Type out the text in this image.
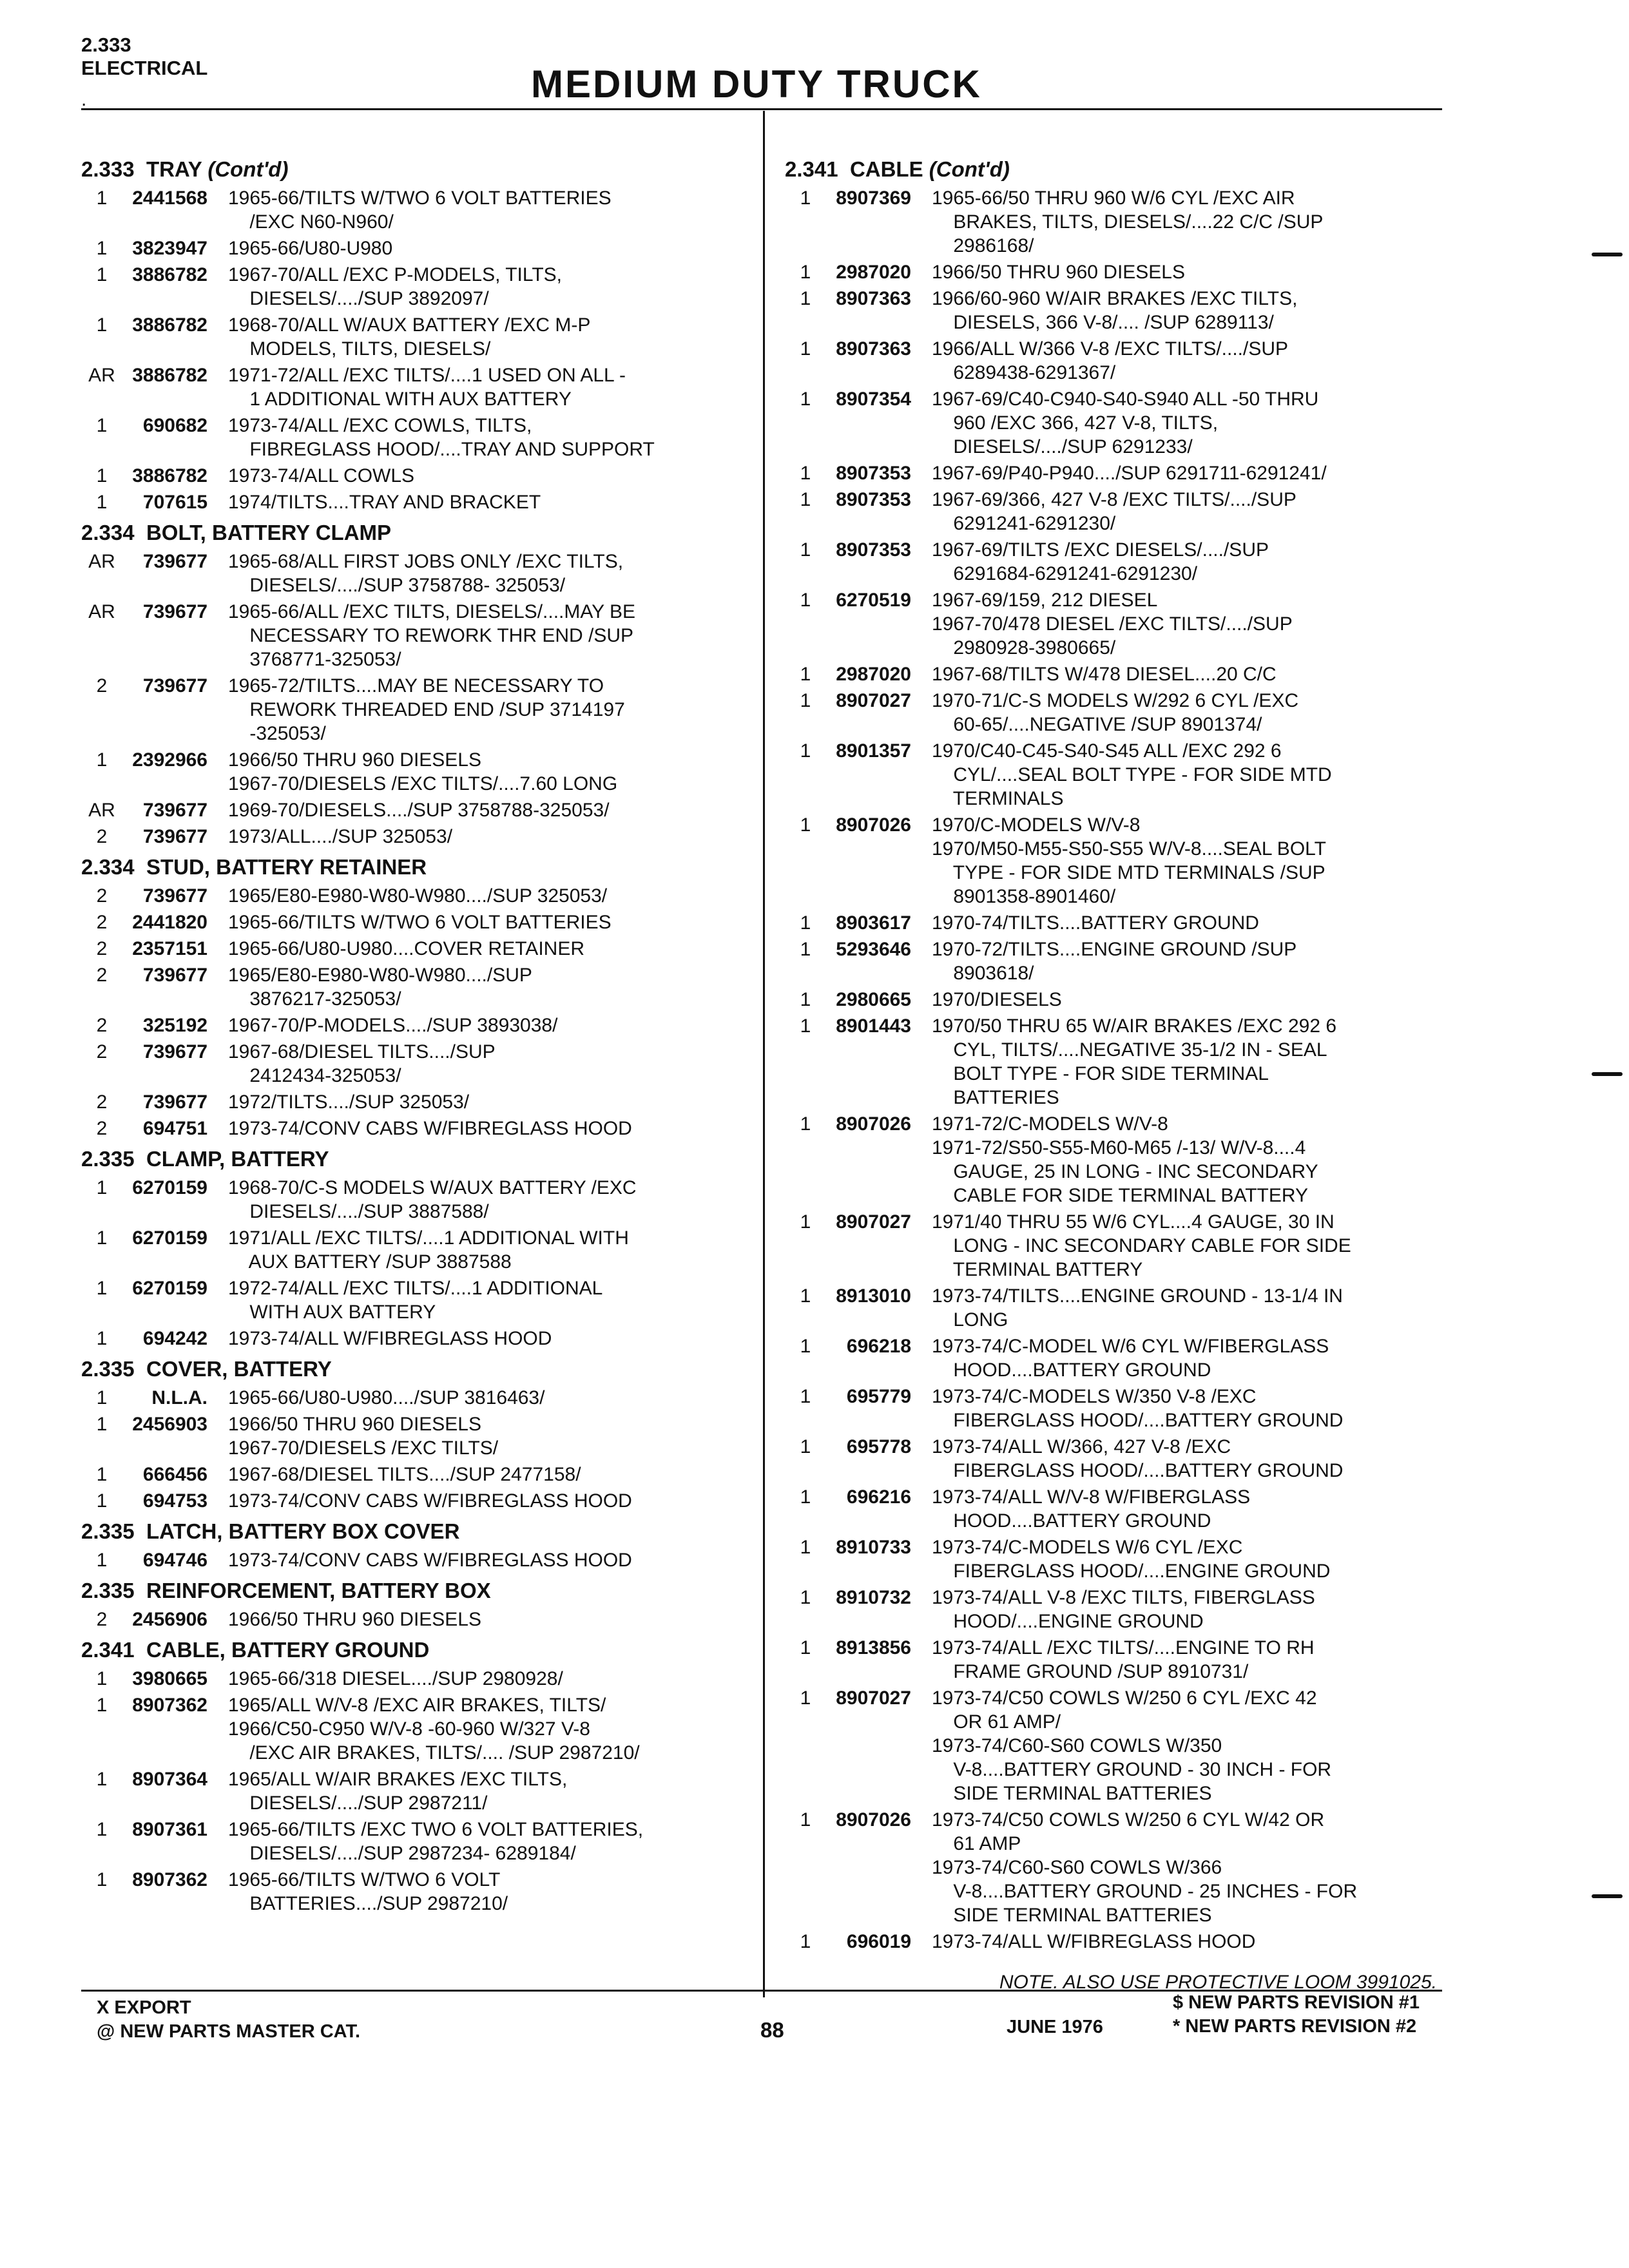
2.333
ELECTRICAL
.	MEDIUM DUTY TRUCK
2.333 TRAY (Cont'd)
1	2441568	1965-66/TILTS W/TWO 6 VOLT BATTERIES
/EXC N60-N960/
1	3823947	1965-66/U80-U980
1	3886782	1967-70/ALL /EXC P-MODELS, TILTS,
DIESELS/..../SUP 3892097/
1	3886782	1968-70/ALL W/AUX BATTERY /EXC M-P
MODELS, TILTS, DIESELS/
AR 3886782	1971-72/ALL /EXC TILTS/....1 USED ON ALL -
1 ADDITIONAL WITH AUX BATTERY
1	690682	1973-74/ALL /EXC COWLS, TILTS,
FIBREGLASS HOOD/....TRAY AND SUPPORT
1	3886782	1973-74/ALL COWLS
1	707615	1974/TILTS....TRAY AND BRACKET
2.334 BOLT, BATTERY CLAMP
AR	739677	1965-68/ALL FIRST JOBS ONLY /EXC TILTS,
DIESELS/..../SUP 3758788- 325053/
AR	739677	1965-66/ALL /EXC TILTS, DIESELS/....MAY BE
NECESSARY TO REWORK THR END /SUP
3768771-325053/
2	739677	1965-72/TILTS....MAY BE NECESSARY TO
REWORK THREADED END /SUP 3714197
-325053/
1	2392966	1966/50 THRU 960 DIESELS
1967-70/DIESELS /EXC TILTS/....7.60 LONG
AR	739677	1969-70/DIESELS..../SUP 3758788-325053/
2	739677	1973/ALL..../SUP 325053/
2.334 STUD, BATTERY RETAINER
2	739677	1965/E80-E980-W80-W980..../SUP 325053/
2	2441820	1965-66/TILTS W/TWO 6 VOLT BATTERIES
2	2357151	1965-66/U80-U980....COVER RETAINER
2	739677	1965/E80-E980-W80-W980..../SUP
3876217-325053/
2	325192	1967-70/P-MODELS..../SUP 3893038/
2	739677	1967-68/DIESEL TILTS..../SUP
2412434-325053/
2	739677	1972/TILTS..../SUP 325053/
2	694751	1973-74/CONV CABS W/FIBREGLASS HOOD
2.335 CLAMP, BATTERY
1	6270159	1968-70/C-S MODELS W/AUX BATTERY /EXC
DIESELS/..../SUP 3887588/
1	6270159	1971/ALL /EXC TILTS/....1 ADDITIONAL WITH
AUX BATTERY /SUP 3887588
1	6270159	1972-74/ALL /EXC TILTS/....1 ADDITIONAL
WITH AUX BATTERY
1	694242	1973-74/ALL W/FIBREGLASS HOOD
2.335 COVER, BATTERY
1	N.L.A.	1965-66/U80-U980..../SUP 3816463/
1	2456903	1966/50 THRU 960 DIESELS
1967-70/DIESELS /EXC TILTS/
1	666456	1967-68/DIESEL TILTS..../SUP 2477158/
1	694753	1973-74/CONV CABS W/FIBREGLASS HOOD
2.335 LATCH, BATTERY BOX COVER
1	694746	1973-74/CONV CABS W/FIBREGLASS HOOD
2.335 REINFORCEMENT, BATTERY BOX
2	2456906	1966/50 THRU 960 DIESELS
2.341 CABLE, BATTERY GROUND
1	3980665	1965-66/318 DIESEL..../SUP 2980928/
1	8907362	1965/ALL W/V-8 /EXC AIR BRAKES, TILTS/
1966/C50-C950 W/V-8 -60-960 W/327 V-8
/EXC AIR BRAKES, TILTS/.... /SUP 2987210/
1	8907364	1965/ALL W/AIR BRAKES /EXC TILTS,
DIESELS/..../SUP 2987211/
1	8907361	1965-66/TILTS /EXC TWO 6 VOLT BATTERIES,
DIESELS/..../SUP 2987234- 6289184/
1	8907362	1965-66/TILTS W/TWO 6 VOLT
BATTERIES..../SUP 2987210/
2.341 CABLE (Cont'd)
1	8907369	1965-66/50 THRU 960 W/6 CYL /EXC AIR
BRAKES, TILTS, DIESELS/....22 C/C /SUP
2986168/
1	2987020	1966/50 THRU 960 DIESELS
1	8907363	1966/60-960 W/AIR BRAKES /EXC TILTS,
DIESELS, 366 V-8/.... /SUP 6289113/
1	8907363	1966/ALL W/366 V-8 /EXC TILTS/..../SUP
6289438-6291367/
1	8907354	1967-69/C40-C940-S40-S940 ALL -50 THRU
960 /EXC 366, 427 V-8, TILTS,
DIESELS/..../SUP 6291233/
1	8907353	1967-69/P40-P940..../SUP 6291711-6291241/
1	8907353	1967-69/366, 427 V-8 /EXC TILTS/..../SUP
6291241-6291230/
1	8907353	1967-69/TILTS /EXC DIESELS/..../SUP
6291684-6291241-6291230/
1	6270519	1967-69/159, 212 DIESEL
1967-70/478 DIESEL /EXC TILTS/..../SUP
2980928-3980665/
1	2987020	1967-68/TILTS W/478 DIESEL....20 C/C
1	8907027	1970-71/C-S MODELS W/292 6 CYL /EXC
60-65/....NEGATIVE /SUP 8901374/
1	8901357	1970/C40-C45-S40-S45 ALL /EXC 292 6
CYL/....SEAL BOLT TYPE - FOR SIDE MTD
TERMINALS
1	8907026	1970/C-MODELS W/V-8
1970/M50-M55-S50-S55 W/V-8....SEAL BOLT
TYPE - FOR SIDE MTD TERMINALS /SUP
8901358-8901460/
1	8903617	1970-74/TILTS....BATTERY GROUND
1	5293646	1970-72/TILTS....ENGINE GROUND /SUP
8903618/
1	2980665	1970/DIESELS
1	8901443	1970/50 THRU 65 W/AIR BRAKES /EXC 292 6
CYL, TILTS/....NEGATIVE 35-1/2 IN - SEAL
BOLT TYPE - FOR SIDE TERMINAL
BATTERIES
1	8907026	1971-72/C-MODELS W/V-8
1971-72/S50-S55-M60-M65 /-13/ W/V-8....4
GAUGE, 25 IN LONG - INC SECONDARY
CABLE FOR SIDE TERMINAL BATTERY
1	8907027	1971/40 THRU 55 W/6 CYL....4 GAUGE, 30 IN
LONG - INC SECONDARY CABLE FOR SIDE
TERMINAL BATTERY
1	8913010	1973-74/TILTS....ENGINE GROUND - 13-1/4 IN
LONG
1	696218	1973-74/C-MODEL W/6 CYL W/FIBERGLASS
HOOD....BATTERY GROUND
1	695779	1973-74/C-MODELS W/350 V-8 /EXC
FIBERGLASS HOOD/....BATTERY GROUND
1	695778	1973-74/ALL W/366, 427 V-8 /EXC
FIBERGLASS HOOD/....BATTERY GROUND
1	696216	1973-74/ALL W/V-8 W/FIBERGLASS
HOOD....BATTERY GROUND
1	8910733	1973-74/C-MODELS W/6 CYL /EXC
FIBERGLASS HOOD/....ENGINE GROUND
1	8910732	1973-74/ALL V-8 /EXC TILTS, FIBERGLASS
HOOD/....ENGINE GROUND
1	8913856	1973-74/ALL /EXC TILTS/....ENGINE TO RH
FRAME GROUND /SUP 8910731/
1	8907027	1973-74/C50 COWLS W/250 6 CYL /EXC 42
OR 61 AMP/
1973-74/C60-S60 COWLS W/350
V-8....BATTERY GROUND - 30 INCH - FOR
SIDE TERMINAL BATTERIES
1	8907026	1973-74/C50 COWLS W/250 6 CYL W/42 OR
61 AMP
1973-74/C60-S60 COWLS W/366
V-8....BATTERY GROUND - 25 INCHES - FOR
SIDE TERMINAL BATTERIES
1	696019	1973-74/ALL W/FIBREGLASS HOOD
NOTE. ALSO USE PROTECTIVE LOOM 3991025.
X EXPORT
@ NEW PARTS MASTER CAT.	88	JUNE 1976
$ NEW PARTS REVISION #1
* NEW PARTS REVISION #2
